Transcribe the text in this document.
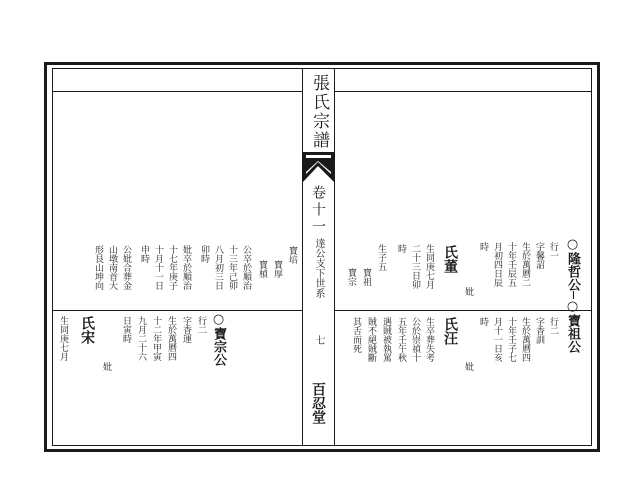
張氏宗譜
卷十一
達公支下世系
七
百忍堂
○隆哲公─○寶祖公
行一
字馨詔
生於萬曆二
十年壬辰五
月初四日辰
時
妣
行二
字香訓
生於萬曆四
十年壬子七
月十一日亥
時
妣
氏董
生同庚七月
二十三日卯
時
生子五
寶祖
寶宗
氏汪
生卒葬失考
公於崇禎十
五年壬午秋
遇賊被執罵
賊不絕賊斷
其舌而死
寶培
寶厚
寶楨
公卒於順治
十三年己卯
八月初三日
卯時
妣卒於順治
十七年庚子
十月十一日
申時
公妣合葬金
山墩南首大
形艮山坤向
○寶宗公
行二
字香運
生於萬曆四
十二年甲寅
九月二十六
日寅時
妣
氏宋
生同庚七月
